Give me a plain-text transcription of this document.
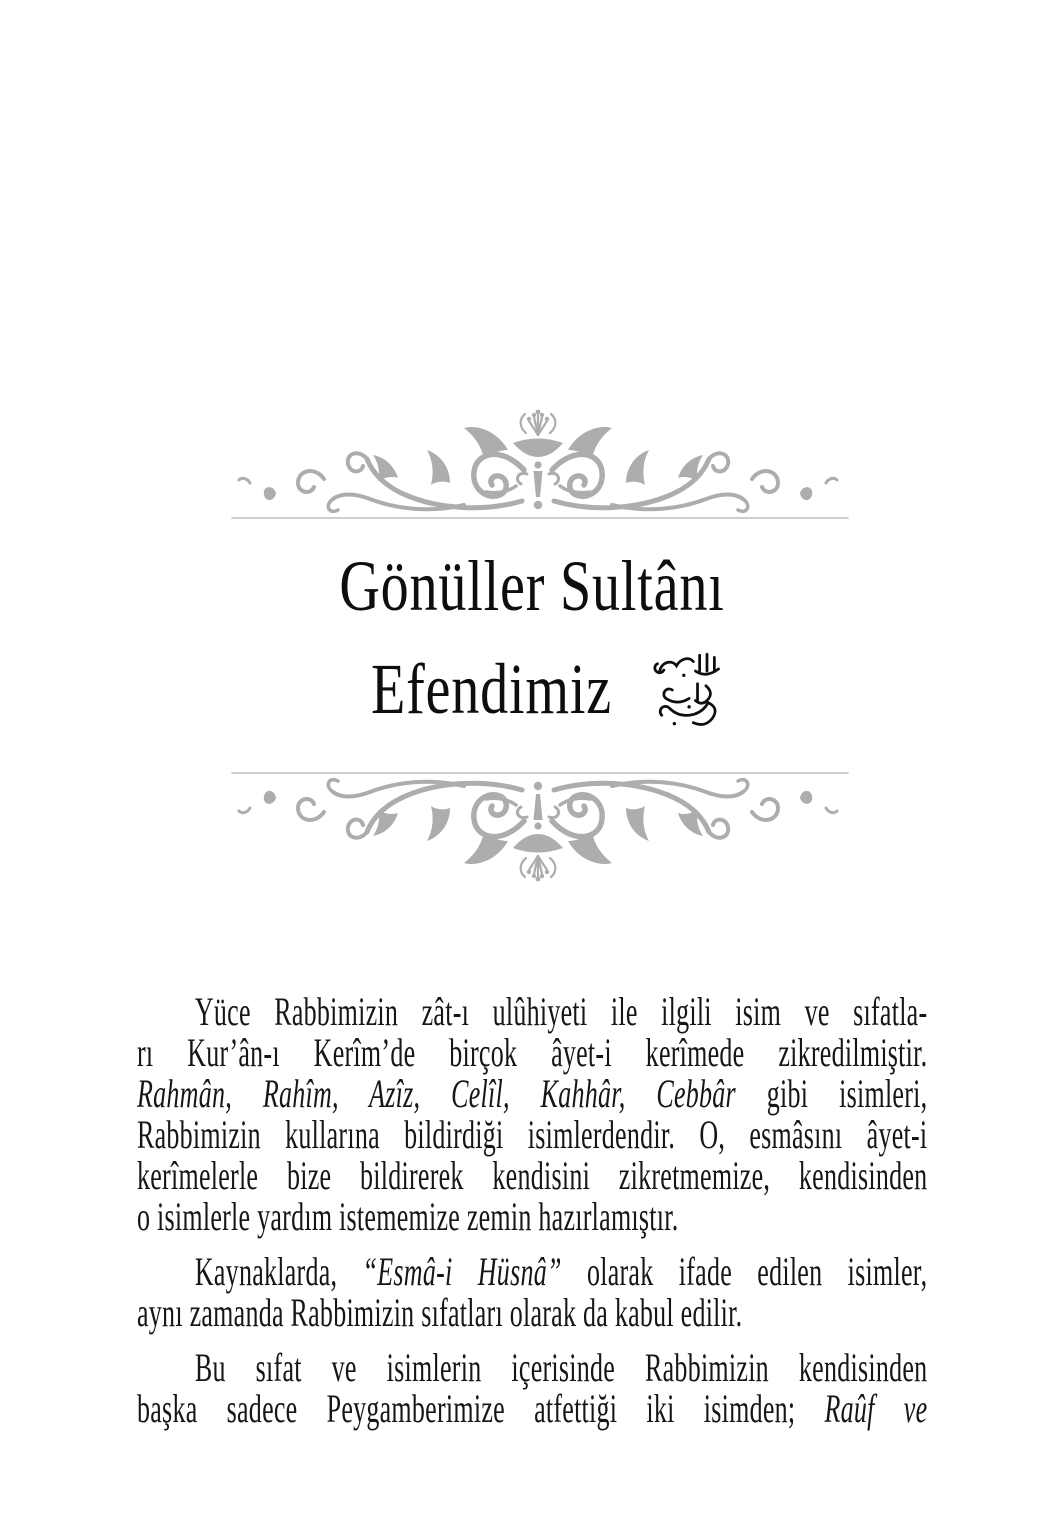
Gönüller Sultânı
Efendimiz
Yüce Rabbimizin zât-ı ulûhiyeti ile ilgili isim ve sıfatla-
rı Kur’ân-ı Kerîm’de birçok âyet-i kerîmede zikredilmiştir.
Rahmân, Rahîm, Azîz, Celîl, Kahhâr, Cebbâr gibi isimleri,
Rabbimizin kullarına bildirdiği isimlerdendir. O, esmâsını âyet-i
kerîmelerle bize bildirerek kendisini zikretmemize, kendisinden
o isimlerle yardım istememize zemin hazırlamıştır.
Kaynaklarda, “Esmâ-i Hüsnâ” olarak ifade edilen isimler,
aynı zamanda Rabbimizin sıfatları olarak da kabul edilir.
Bu sıfat ve isimlerin içerisinde Rabbimizin kendisinden
başka sadece Peygamberimize atfettiği iki isimden; Raûf ve
